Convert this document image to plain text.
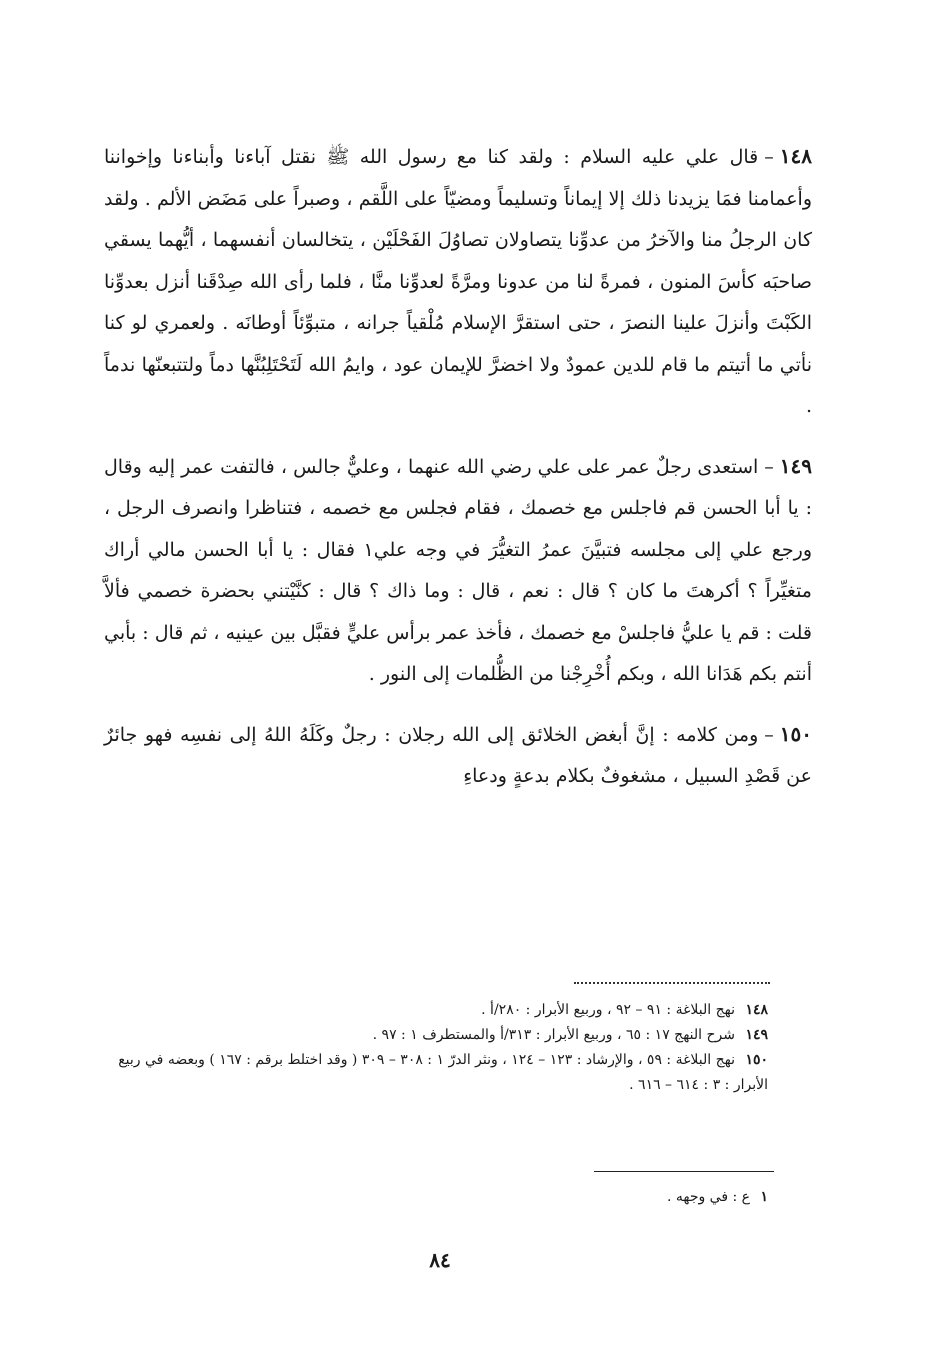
١٤٨–قال علي عليه السلام : ولقد كنا مع رسول الله ﷺ نقتل آباءنا وأبناءنا وإخواننا وأعمامنا فمَا يزيدنا ذلك إلا إيماناً وتسليماً ومضيّاً على اللَّقم ، وصبراً على مَضَض الألم . ولقد كان الرجلُ منا والآخرُ من عدوِّنا يتصاولان تصاوُلَ الفَحْلَيْن ، يتخالسان أنفسهما ، أيُّهما يسقي صاحبَه كأسَ المنون ، فمرةً لنا من عدونا ومرَّةً لعدوِّنا منَّا ، فلما رأى الله صِدْقَنا أنزل بعدوِّنا الكَبْتَ وأنزلَ علينا النصرَ ، حتى استقرَّ الإسلام مُلْقياً جرانه ، متبوِّئاً أوطانَه . ولعمري لو كنا نأتي ما أتيتم ما قام للدين عمودٌ ولا اخضرَّ للإيمان عود ، وايمُ الله لَتَحْتَلِبُنَّها دماً ولتتبعنّها ندماً .

١٤٩–استعدى رجلٌ عمر على علي رضي الله عنهما ، وعليٌّ جالس ، فالتفت عمر إليه وقال : يا أبا الحسن قم فاجلس مع خصمك ، فقام فجلس مع خصمه ، فتناظرا وانصرف الرجل ، ورجع علي إلى مجلسه فتبيَّنَ عمرُ التغيُّرَ في وجه علي١ فقال : يا أبا الحسن مالي أراك متغيِّراً ؟ أكرهتَ ما كان ؟ قال : نعم ، قال : وما ذاك ؟ قال : كنَّيْتني بحضرة خصمي فألاَّ قلت : قم يا عليُّ فاجلسْ مع خصمك ، فأخذ عمر برأس عليٍّ فقبَّل بين عينيه ، ثم قال : بأبي أنتم بكم هَدَانا الله ، وبكم أُخْرِجْنا من الظُّلمات إلى النور .

١٥٠–ومن كلامه : إنَّ أبغض الخلائق إلى الله رجلان : رجلٌ وكَلَهُ اللهُ إلى نفسِه فهو جائرٌ عن قَصْدِ السبيل ، مشغوفٌ بكلام بدعةٍ ودعاءِ

١٤٨ نهج البلاغة : ٩١ – ٩٢ ، وربيع الأبرار : ٢٨٠/أ .
١٤٩ شرح النهج ١٧ : ٦٥ ، وربيع الأبرار : ٣١٣/أ والمستطرف ١ : ٩٧ .
١٥٠ نهج البلاغة : ٥٩ ، والإرشاد : ١٢٣ – ١٢٤ ، ونثر الدرّ ١ : ٣٠٨ – ٣٠٩ ( وقد اختلط برقم : ١٦٧ ) وبعضه في ربيع الأبرار : ٣ : ٦١٤ – ٦١٦ .
١ ع : في وجهه .
٨٤
